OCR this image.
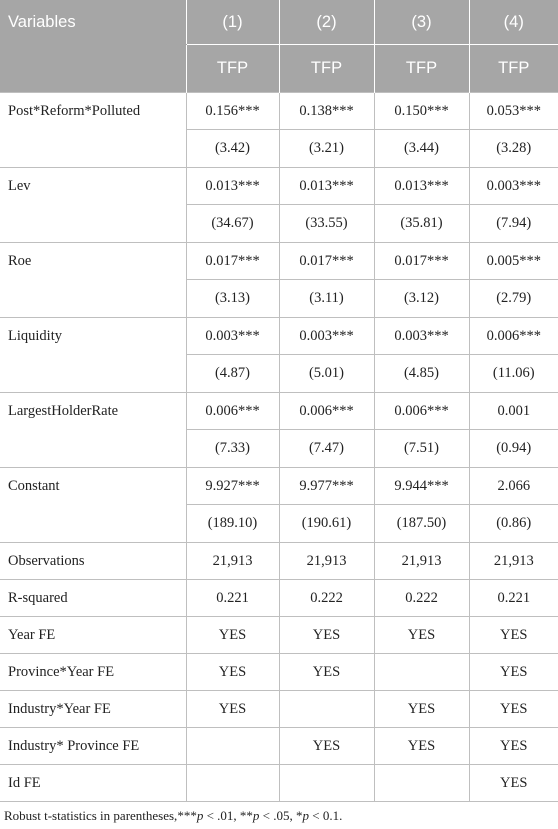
Variables	(1)	(2)	(3)	(4)
	TFP	TFP	TFP	TFP
Post*Reform*Polluted	0.156***	0.138***	0.150***	0.053***
	(3.42)	(3.21)	(3.44)	(3.28)
Lev	0.013***	0.013***	0.013***	0.003***
	(34.67)	(33.55)	(35.81)	(7.94)
Roe	0.017***	0.017***	0.017***	0.005***
	(3.13)	(3.11)	(3.12)	(2.79)
Liquidity	0.003***	0.003***	0.003***	0.006***
	(4.87)	(5.01)	(4.85)	(11.06)
LargestHolderRate	0.006***	0.006***	0.006***	0.001
	(7.33)	(7.47)	(7.51)	(0.94)
Constant	9.927***	9.977***	9.944***	2.066
	(189.10)	(190.61)	(187.50)	(0.86)
Observations	21,913	21,913	21,913	21,913
R-squared	0.221	0.222	0.222	0.221
Year FE	YES	YES	YES	YES
Province*Year FE	YES	YES		YES
Industry*Year FE	YES		YES	YES
Industry* Province FE		YES	YES	YES
Id FE				YES
Robust t-statistics in parentheses,***p < .01, **p < .05, *p < 0.1.
